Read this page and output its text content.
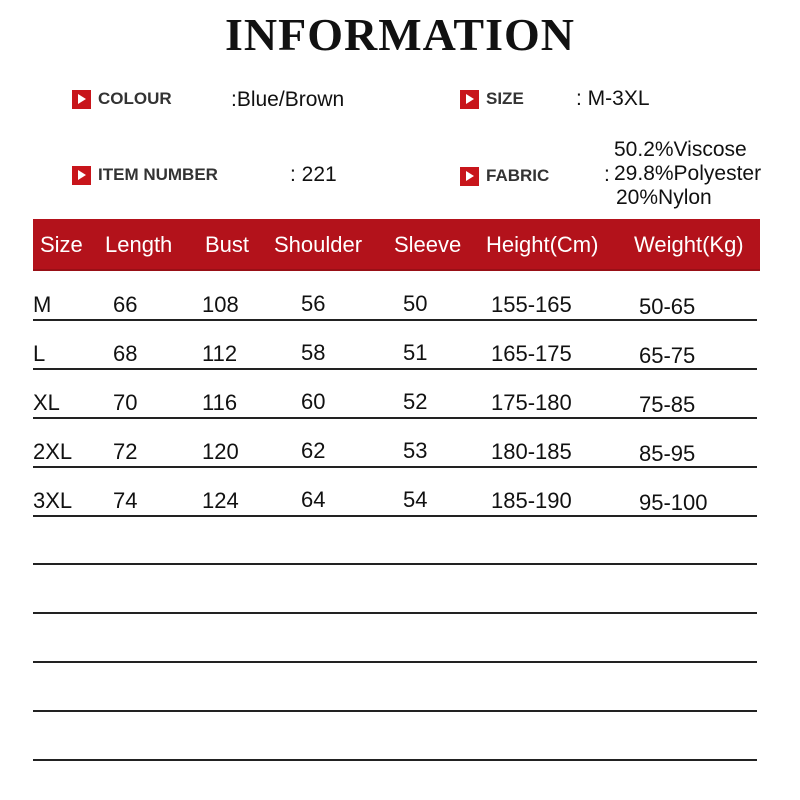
INFORMATION
COLOUR	:Blue/Brown	SIZE : M-3XL
ITEM NUMBER	: 221	FABRIC	:
50.2%Viscose
29.8%Polyester
20%Nylon
Size Length Bust Shoulder Sleeve Height(Cm) Weight(Kg)
M	66	108	56	50	155-165	50-65
L	68	112	58	51	165-175	65-75
XL 70	116	60	52	175-180	75-85
2XL 72	120	62	53	180-185	85-95
3XL 74	124	64	54	185-190	95-100
